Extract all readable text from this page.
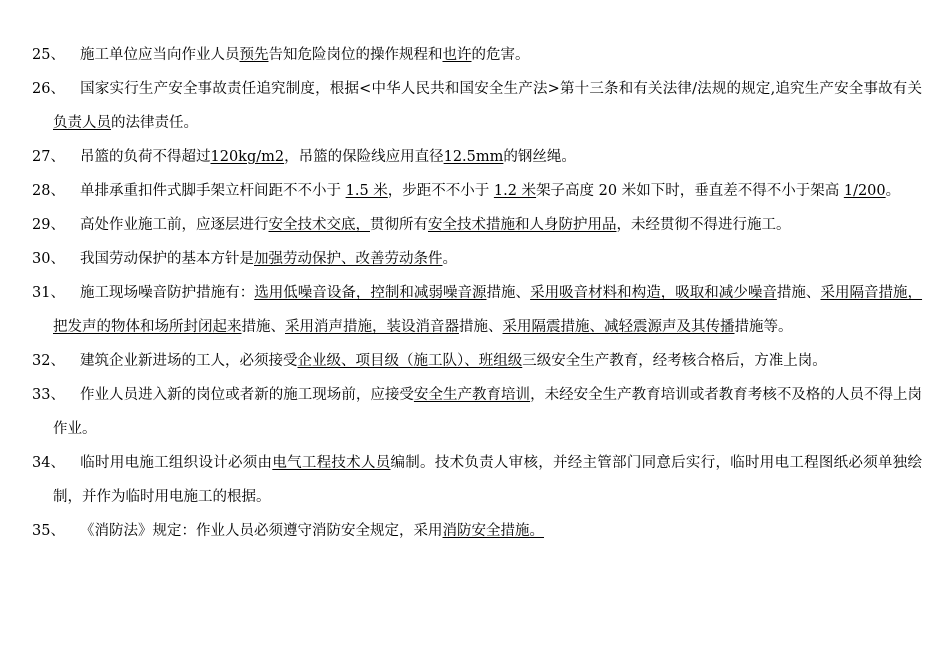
25、 施工单位应当向作业人员预先告知危险岗位的操作规程和也许的危害。

26、 国家实行生产安全事故责任追究制度，根据<中华人民共和国安全生产法>第十三条和有关法律/法规的规定,追究生产安全事故有关负责人员的法律责任。

27、 吊篮的负荷不得超过120kg/m2，吊篮的保险线应用直径12.5mm的钢丝绳。

28、 单排承重扣件式脚手架立杆间距不不小于 1.5 米，步距不不小于 1.2 米架子高度 20 米如下时，垂直差不得不小于架高 1/200。

29、 高处作业施工前，应逐层进行安全技术交底，贯彻所有安全技术措施和人身防护用品，未经贯彻不得进行施工。

30、 我国劳动保护的基本方针是加强劳动保护、改善劳动条件。

31、 施工现场噪音防护措施有：选用低噪音设备，控制和减弱噪音源措施、采用吸音材料和构造，吸取和减少噪音措施、采用隔音措施，把发声的物体和场所封闭起来措施、采用消声措施，装设消音器措施、采用隔震措施、减轻震源声及其传播措施等。

32、 建筑企业新进场的工人，必须接受企业级、项目级（施工队）、班组级三级安全生产教育，经考核合格后，方准上岗。

33、 作业人员进入新的岗位或者新的施工现场前，应接受安全生产教育培训，未经安全生产教育培训或者教育考核不及格的人员不得上岗作业。

34、 临时用电施工组织设计必须由电气工程技术人员编制。技术负责人审核，并经主管部门同意后实行，临时用电工程图纸必须单独绘制，并作为临时用电施工的根据。

35、 《消防法》规定：作业人员必须遵守消防安全规定，采用消防安全措施。
